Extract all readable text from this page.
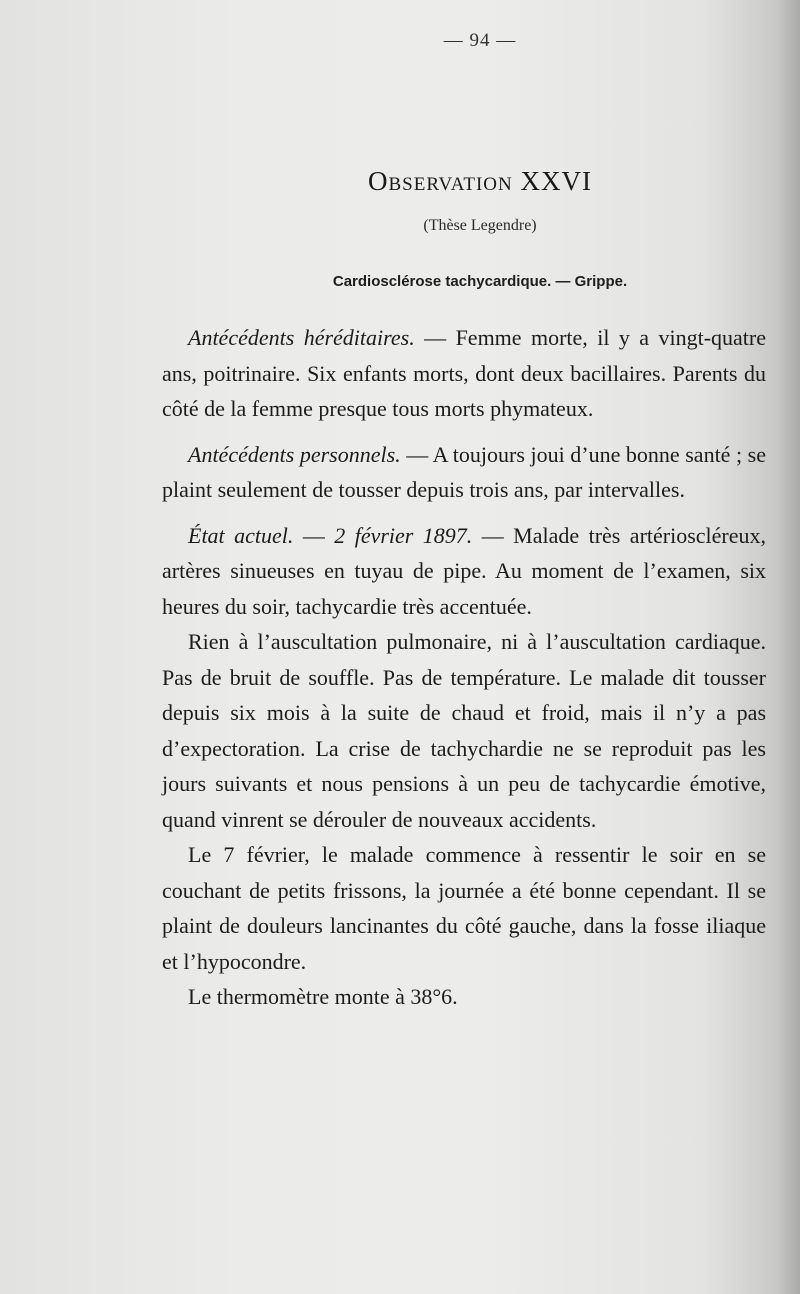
— 94 —
Observation XXVI
(Thèse Legendre)
Cardiosclérose tachycardique. — Grippe.

Antécédents héréditaires. — Femme morte, il y a vingt-quatre ans, poitrinaire. Six enfants morts, dont deux bacillaires. Parents du côté de la femme presque tous morts phymateux.

Antécédents personnels. — A toujours joui d’une bonne santé ; se plaint seulement de tousser depuis trois ans, par intervalles.

État actuel. — 2 février 1897. — Malade très artérioscléreux, artères sinueuses en tuyau de pipe. Au moment de l’examen, six heures du soir, tachycardie très accentuée.

Rien à l’auscultation pulmonaire, ni à l’auscultation cardiaque. Pas de bruit de souffle. Pas de température. Le malade dit tousser depuis six mois à la suite de chaud et froid, mais il n’y a pas d’expectoration. La crise de tachychardie ne se reproduit pas les jours suivants et nous pensions à un peu de tachycardie émotive, quand vinrent se dérouler de nouveaux accidents.

Le 7 février, le malade commence à ressentir le soir en se couchant de petits frissons, la journée a été bonne cependant. Il se plaint de douleurs lancinantes du côté gauche, dans la fosse iliaque et l’hypocondre.

Le thermomètre monte à 38°6.
